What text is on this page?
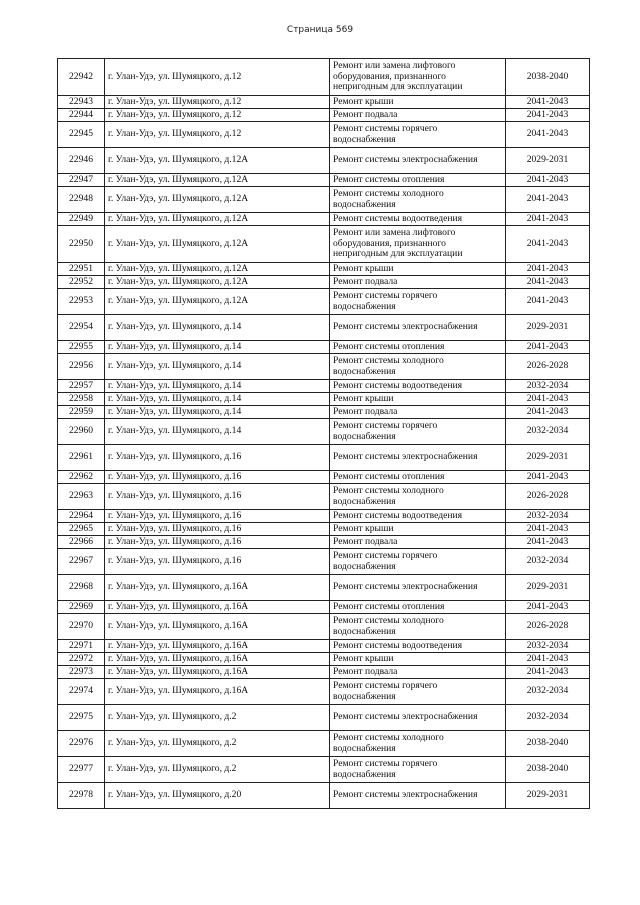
Страница 569
22942	г. Улан-Удэ, ул. Шумяцкого, д.12	Ремонт или замена лифтового оборудования, признанного непригодным для эксплуатации	2038-2040
22943	г. Улан-Удэ, ул. Шумяцкого, д.12	Ремонт крыши	2041-2043
22944	г. Улан-Удэ, ул. Шумяцкого, д.12	Ремонт подвала	2041-2043
22945	г. Улан-Удэ, ул. Шумяцкого, д.12	Ремонт системы горячего водоснабжения	2041-2043
22946	г. Улан-Удэ, ул. Шумяцкого, д.12А	Ремонт системы электроснабжения	2029-2031
22947	г. Улан-Удэ, ул. Шумяцкого, д.12А	Ремонт системы отопления	2041-2043
22948	г. Улан-Удэ, ул. Шумяцкого, д.12А	Ремонт системы холодного водоснабжения	2041-2043
22949	г. Улан-Удэ, ул. Шумяцкого, д.12А	Ремонт системы водоотведения	2041-2043
22950	г. Улан-Удэ, ул. Шумяцкого, д.12А	Ремонт или замена лифтового оборудования, признанного непригодным для эксплуатации	2041-2043
22951	г. Улан-Удэ, ул. Шумяцкого, д.12А	Ремонт крыши	2041-2043
22952	г. Улан-Удэ, ул. Шумяцкого, д.12А	Ремонт подвала	2041-2043
22953	г. Улан-Удэ, ул. Шумяцкого, д.12А	Ремонт системы горячего водоснабжения	2041-2043
22954	г. Улан-Удэ, ул. Шумяцкого, д.14	Ремонт системы электроснабжения	2029-2031
22955	г. Улан-Удэ, ул. Шумяцкого, д.14	Ремонт системы отопления	2041-2043
22956	г. Улан-Удэ, ул. Шумяцкого, д.14	Ремонт системы холодного водоснабжения	2026-2028
22957	г. Улан-Удэ, ул. Шумяцкого, д.14	Ремонт системы водоотведения	2032-2034
22958	г. Улан-Удэ, ул. Шумяцкого, д.14	Ремонт крыши	2041-2043
22959	г. Улан-Удэ, ул. Шумяцкого, д.14	Ремонт подвала	2041-2043
22960	г. Улан-Удэ, ул. Шумяцкого, д.14	Ремонт системы горячего водоснабжения	2032-2034
22961	г. Улан-Удэ, ул. Шумяцкого, д.16	Ремонт системы электроснабжения	2029-2031
22962	г. Улан-Удэ, ул. Шумяцкого, д.16	Ремонт системы отопления	2041-2043
22963	г. Улан-Удэ, ул. Шумяцкого, д.16	Ремонт системы холодного водоснабжения	2026-2028
22964	г. Улан-Удэ, ул. Шумяцкого, д.16	Ремонт системы водоотведения	2032-2034
22965	г. Улан-Удэ, ул. Шумяцкого, д.16	Ремонт крыши	2041-2043
22966	г. Улан-Удэ, ул. Шумяцкого, д.16	Ремонт подвала	2041-2043
22967	г. Улан-Удэ, ул. Шумяцкого, д.16	Ремонт системы горячего водоснабжения	2032-2034
22968	г. Улан-Удэ, ул. Шумяцкого, д.16А	Ремонт системы электроснабжения	2029-2031
22969	г. Улан-Удэ, ул. Шумяцкого, д.16А	Ремонт системы отопления	2041-2043
22970	г. Улан-Удэ, ул. Шумяцкого, д.16А	Ремонт системы холодного водоснабжения	2026-2028
22971	г. Улан-Удэ, ул. Шумяцкого, д.16А	Ремонт системы водоотведения	2032-2034
22972	г. Улан-Удэ, ул. Шумяцкого, д.16А	Ремонт крыши	2041-2043
22973	г. Улан-Удэ, ул. Шумяцкого, д.16А	Ремонт подвала	2041-2043
22974	г. Улан-Удэ, ул. Шумяцкого, д.16А	Ремонт системы горячего водоснабжения	2032-2034
22975	г. Улан-Удэ, ул. Шумяцкого, д.2	Ремонт системы электроснабжения	2032-2034
22976	г. Улан-Удэ, ул. Шумяцкого, д.2	Ремонт системы холодного водоснабжения	2038-2040
22977	г. Улан-Удэ, ул. Шумяцкого, д.2	Ремонт системы горячего водоснабжения	2038-2040
22978	г. Улан-Удэ, ул. Шумяцкого, д.20	Ремонт системы электроснабжения	2029-2031
